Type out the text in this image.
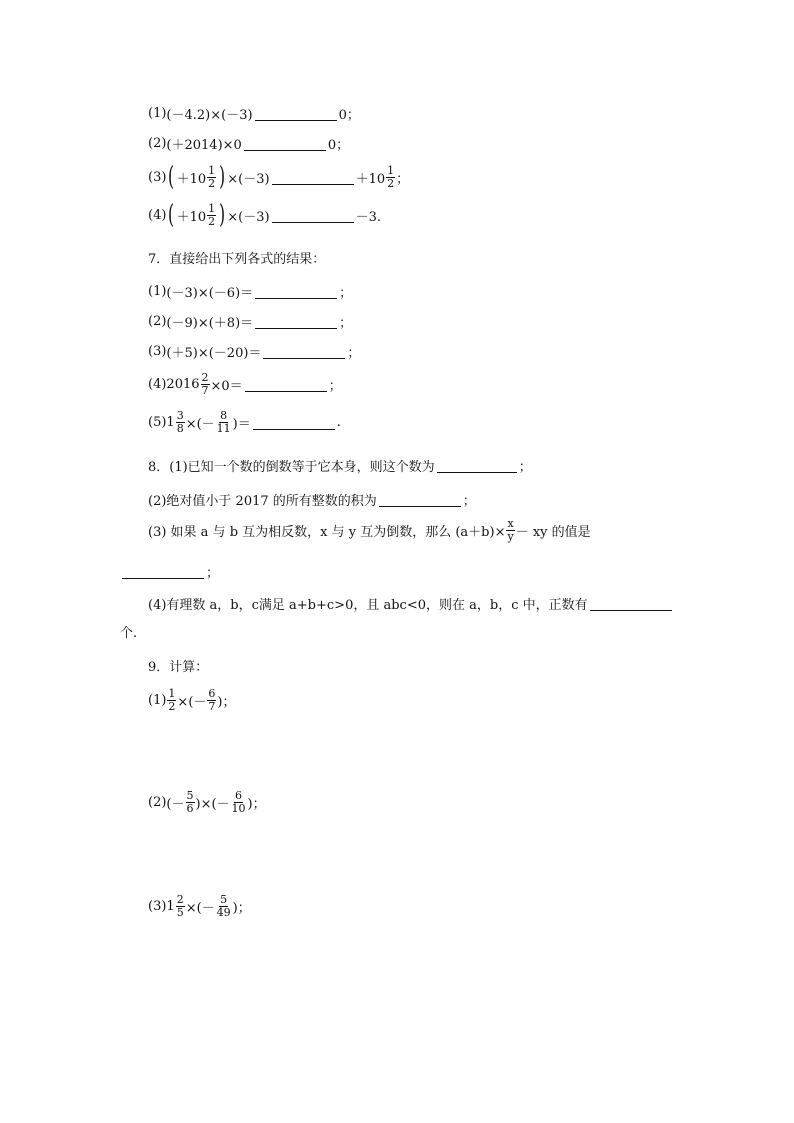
(1) (－4.2)×(－3)	0；
(2) (＋2014)×0	0；
(3) ( $+10 \frac{1}{2}$ ) ×(－3)	$+10 \frac{1}{2}$ ；
(4) ( $+10 \frac{1}{2}$ ) ×(－3)	－3.
7．直接给出下列各式的结果：
(1) (－3)×(－6)＝	；
(2) (－9)×(＋8)＝	；
(3) (＋5)×(－20)＝	；
(4) $2016 \frac{2}{7} \times 0=$	；
(5) $1 \frac{3}{8}$ ×(－ $\frac{8}{11}$ )＝	.
8．(1)已知一个数的倒数等于它本身，则这个数为	；
(2)绝对值小于 2017 的所有整数的积为	；
(3) 如果 a 与 b 互为相反数，x 与 y 互为倒数，那么 $(a+b)\times \frac{x}{y}$ － xy 的值是
；
(4)有理数 a，b，c满足 a+b+c>0，且 abc<0，则在 a，b，c 中，正数有
个.
9．计算：
$(1) \frac{1}{2}$ ×(－ $\frac{6}{7}$ )；
(2) (－ $\frac{5}{6}$ )×(－ $\frac{6}{10}$ )；
(3) $1 \frac{2}{5}$ ×(－ $\frac{5}{49}$ )；
